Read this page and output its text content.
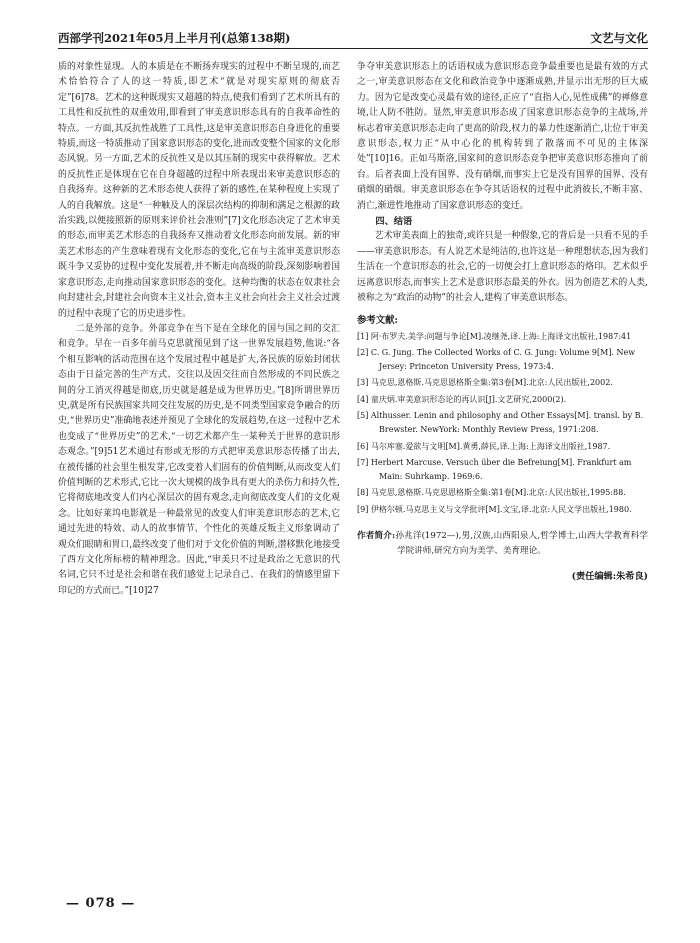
西部学刊2021年05月上半月刊(总第138期)	文艺与文化

质的对象性显现。人的本质是在不断扬弃现实的过程中不断呈现的,而艺术恰恰符合了人的这一特质,即艺术“就是对现实原则的彻底否定”[6]78。艺术的这种既现实又超越的特点,使我们看到了艺术所具有的工具性和反抗性的双重效用,即看到了审美意识形态具有的自我革命性的特点。一方面,其反抗性战胜了工具性,这是审美意识形态自身进化的重要特质,而这一特质推动了国家意识形态的变化,进而改变整个国家的文化形态风貌。另一方面,艺术的反抗性又是以其压制的现实中获得解放。艺术的反抗性正是体现在它在自身超越的过程中所表现出来审美意识形态的自我扬弃。这种新的艺术形态使人获得了新的感性,在某种程度上实现了人的自我解放。这是“一种触及人的深层次结构的抑制和满足之根源的政治实践,以便接照新的原则来评价社会准则”[7]文化形态决定了艺术审美的形态,而审美艺术形态的自我扬弃又推动着文化形态向前发展。新的审美艺术形态的产生意味着现有文化形态的变化,它在与主流审美意识形态既斗争又妥协的过程中变化发展着,并不断走向高级的阶段,深刻影响着国家意识形态,走向推动国家意识形态的变化。这种均衡的状态在奴隶社会向封建社会,封建社会向资本主义社会,资本主义社会向社会主义社会过渡的过程中表现了它的历史进步性。

二是外部的竞争。外部竞争在当下是在全球化的国与国之间的交汇和竞争。早在一百多年前马克思就预见到了这一世界发展趋势,他说:“各个相互影响的活动范围在这个发展过程中越是扩大,各民族的原始封闭状态由于日益完善的生产方式、交往以及因交往而自然形成的不同民族之间的分工消灭得越是彻底,历史就是越是成为世界历史。”[8]所谓世界历史,就是所有民族国家共同交往发展的历史,是不同类型国家竞争融合的历史,“世界历史”准确地表述并预见了全球化的发展趋势,在这一过程中艺术也变成了“世界历史”的艺术,“一切艺术都产生一某种关于世界的意识形态观念。”[9]51艺术通过有形或无形的方式把审美意识形态传播了出去,在被传播的社会里生根发芽,它改变着人们固有的价值判断,从而改变人们价值判断的艺术形式,它比一次大规模的战争具有更大的杀伤力和持久性,它将彻底地改变人们内心深层次的固有观念,走向彻底改变人们的文化观念。比如好莱坞电影就是一种最常见的改变人们审美意识形态的艺术,它通过先进的特效、动人的故事情节、个性化的英雄反叛主义形象调动了观众们眼睛和胃口,最终改变了他们对于文化价值的判断,潜移默化地接受了西方文化所标榜的精神理念。因此,“审美只不过是政治之无意识的代名词,它只不过是社会和谐在我们感觉上记录自己、在我们的情感里留下印记的方式而已。”[10]27

争夺审美意识形态上的话语权成为意识形态竞争最重要也是最有效的方式之一,审美意识形态在文化和政治竞争中逐渐成熟,并显示出无形的巨大威力。因为它是改变心灵最有效的途径,正应了“直指人心,见性成佛”的禅修意境,让人防不胜防。显然,审美意识形态成了国家意识形态竞争的主战场,并标志着审美意识形态走向了更高的阶段,权力的暴力性逐渐消亡,让位于审美意识形态,权力正“从中心化的机构转到了散落而不可见的主体深处”[10]16。正如马斯洛,国家间的意识形态竞争把审美意识形态推向了前台。后者表面上没有国界、没有硝烟,而事实上它是没有国界的国界、没有硝烟的硝烟。审美意识形态在争夺其话语权的过程中此消彼长,不断丰富、消亡,渐进性地推动了国家意识形态的变迁。

四、结语

艺术审美表面上的独奇,或许只是一种假象,它的背后是一只看不见的手——审美意识形态。有人说艺术是纯洁的,也许这是一种理想状态,因为我们生活在一个意识形态的社会,它的一切便会打上意识形态的烙印。艺术似乎远离意识形态,而事实上艺术是意识形态最美的外衣。因为创造艺术的人类,被称之为“政治的动物”的社会人,建构了审美意识形态。

参考文献:
[1] 阿·布罗夫.美学:问题与争论[M].凌继尧,译.上海:上海译文出版社,1987:41
[2] C. G. Jung. The Collected Works of C. G. Jung: Volume 9[M]. New Jersey: Princeton University Press, 1973:4.
[3] 马克思,恩格斯.马克思恩格斯全集:第3卷[M].北京:人民出版社,2002.
[4] 童庆炳.审美意识形态论的再认识[J].文艺研究,2000(2).
[5] Althusser. Lenin and philosophy and Other Essays[M]. transl. by B. Brewster. NewYork: Monthly Review Press, 1971:208.
[6] 马尔库塞.爱欲与文明[M].黄勇,薛民,译.上海:上海译文出版社,1987.
[7] Herbert Marcuse. Versuch über die Befreiung[M]. Frankfurt am Main: Suhrkamp. 1969:6.
[8] 马克思,恩格斯.马克思恩格斯全集:第1卷[M].北京:人民出版社,1995:88.
[9] 伊格尔顿.马克思主义与文学批评[M].文宝,译.北京:人民文学出版社,1980.
作者简介:孙兆洋(1972—),男,汉族,山西阳泉人,哲学博士,山西大学教育科学学院讲师,研究方向为美学、美育理论。
(责任编辑:朱希良)
— 078 —
